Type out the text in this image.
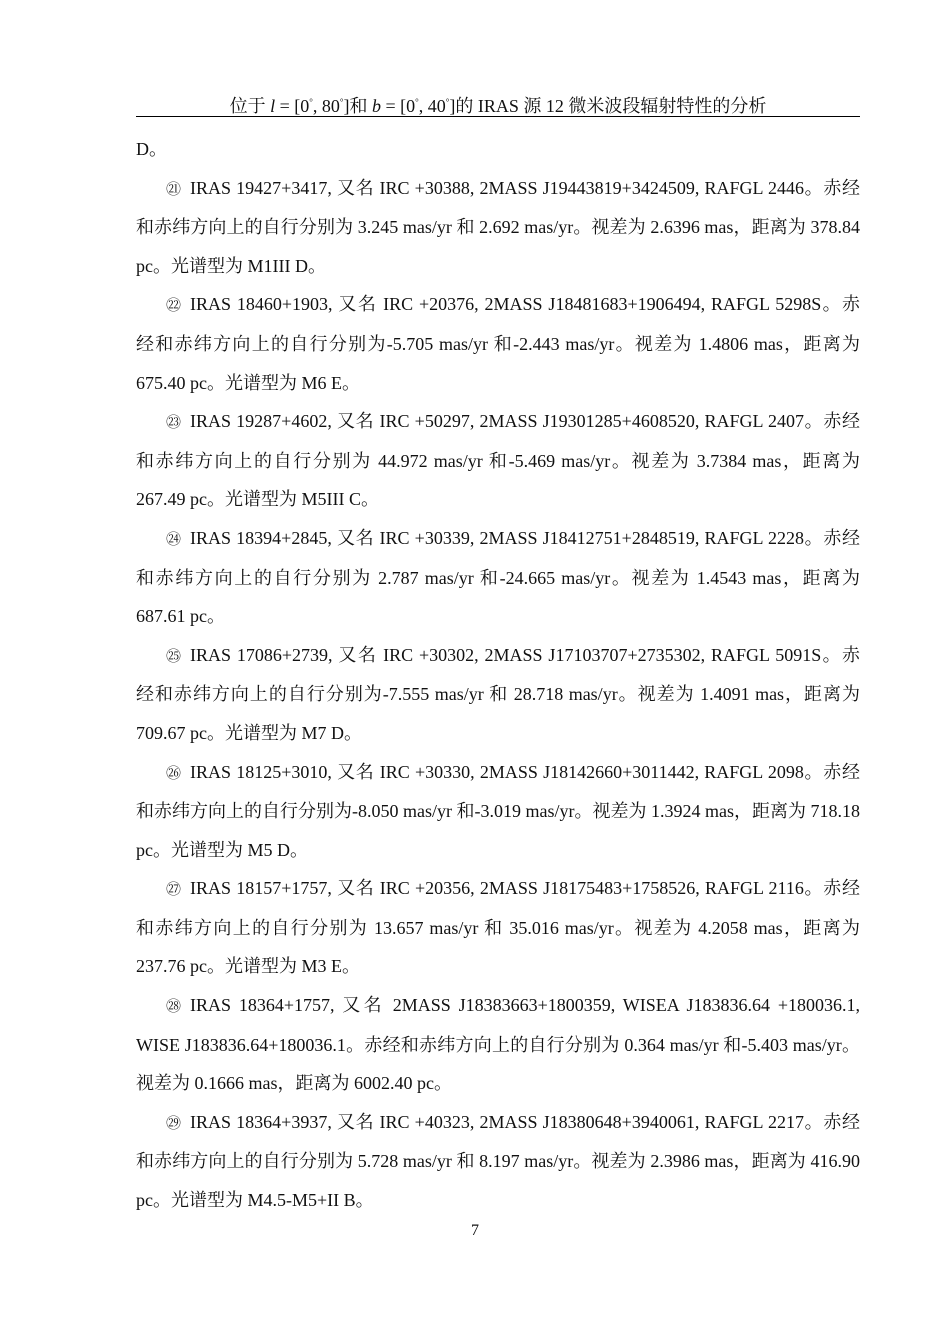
位于 l = [0°, 80°]和 b = [0°, 40°]的 IRAS 源 12 微米波段辐射特性的分析

D。

㉑ IRAS 19427+3417, 又名 IRC +30388, 2MASS J19443819+3424509, RAFGL 2446。赤经和赤纬方向上的自行分别为 3.245 mas/yr 和 2.692 mas/yr。视差为 2.6396 mas，距离为 378.84 pc。光谱型为 M1III D。

㉒ IRAS 18460+1903, 又名 IRC +20376, 2MASS J18481683+1906494, RAFGL 5298S。赤经和赤纬方向上的自行分别为-5.705 mas/yr 和-2.443 mas/yr。视差为 1.4806 mas，距离为 675.40 pc。光谱型为 M6 E。

㉓ IRAS 19287+4602, 又名 IRC +50297, 2MASS J19301285+4608520, RAFGL 2407。赤经和赤纬方向上的自行分别为 44.972 mas/yr 和-5.469 mas/yr。视差为 3.7384 mas，距离为 267.49 pc。光谱型为 M5III C。

㉔ IRAS 18394+2845, 又名 IRC +30339, 2MASS J18412751+2848519, RAFGL 2228。赤经和赤纬方向上的自行分别为 2.787 mas/yr 和-24.665 mas/yr。视差为 1.4543 mas，距离为 687.61 pc。

㉕ IRAS 17086+2739, 又名 IRC +30302, 2MASS J17103707+2735302, RAFGL 5091S。赤经和赤纬方向上的自行分别为-7.555 mas/yr 和 28.718 mas/yr。视差为 1.4091 mas，距离为 709.67 pc。光谱型为 M7 D。

㉖ IRAS 18125+3010, 又名 IRC +30330, 2MASS J18142660+3011442, RAFGL 2098。赤经和赤纬方向上的自行分别为-8.050 mas/yr 和-3.019 mas/yr。视差为 1.3924 mas，距离为 718.18 pc。光谱型为 M5 D。

㉗ IRAS 18157+1757, 又名 IRC +20356, 2MASS J18175483+1758526, RAFGL 2116。赤经和赤纬方向上的自行分别为 13.657 mas/yr 和 35.016 mas/yr。视差为 4.2058 mas，距离为 237.76 pc。光谱型为 M3 E。

㉘ IRAS 18364+1757, 又名 2MASS J18383663+1800359, WISEA J183836.64 +180036.1, WISE J183836.64+180036.1。赤经和赤纬方向上的自行分别为 0.364 mas/yr 和-5.403 mas/yr。视差为 0.1666 mas，距离为 6002.40 pc。

㉙ IRAS 18364+3937, 又名 IRC +40323, 2MASS J18380648+3940061, RAFGL 2217。赤经和赤纬方向上的自行分别为 5.728 mas/yr 和 8.197 mas/yr。视差为 2.3986 mas，距离为 416.90 pc。光谱型为 M4.5-M5+II B。

7
